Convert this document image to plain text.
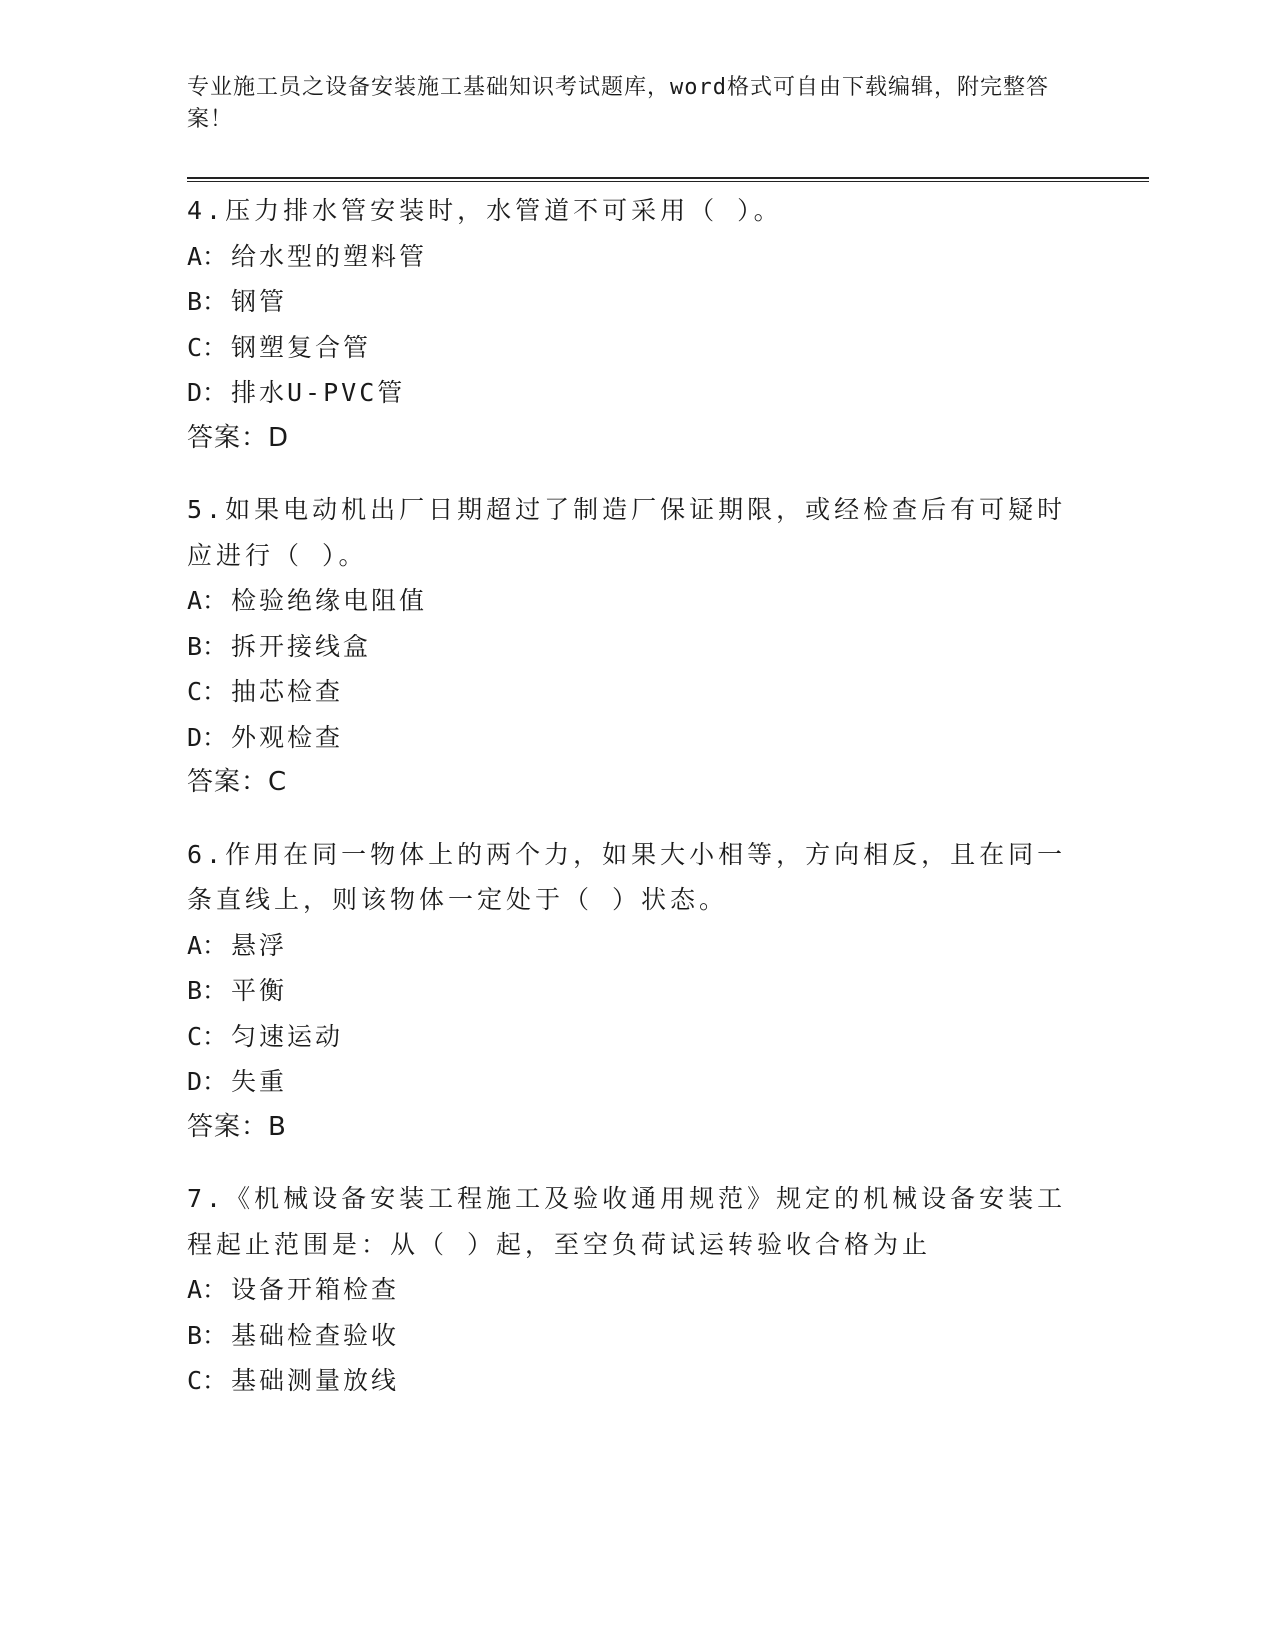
专业施工员之设备安装施工基础知识考试题库，word格式可自由下载编辑，附完整答案！

4.压力排水管安装时，水管道不可采用（ ）。

A： 给水型的塑料管

B： 钢管

C： 钢塑复合管

D： 排水U-PVC管

答案：D

5.如果电动机出厂日期超过了制造厂保证期限，或经检查后有可疑时应进行（ ）。

A： 检验绝缘电阻值

B： 拆开接线盒

C： 抽芯检查

D： 外观检查

答案：C

6.作用在同一物体上的两个力，如果大小相等，方向相反，且在同一条直线上，则该物体一定处于（ ）状态。

A： 悬浮

B： 平衡

C： 匀速运动

D： 失重

答案：B

7.《机械设备安装工程施工及验收通用规范》规定的机械设备安装工程起止范围是：从（ ）起，至空负荷试运转验收合格为止

A： 设备开箱检查

B： 基础检查验收

C： 基础测量放线
